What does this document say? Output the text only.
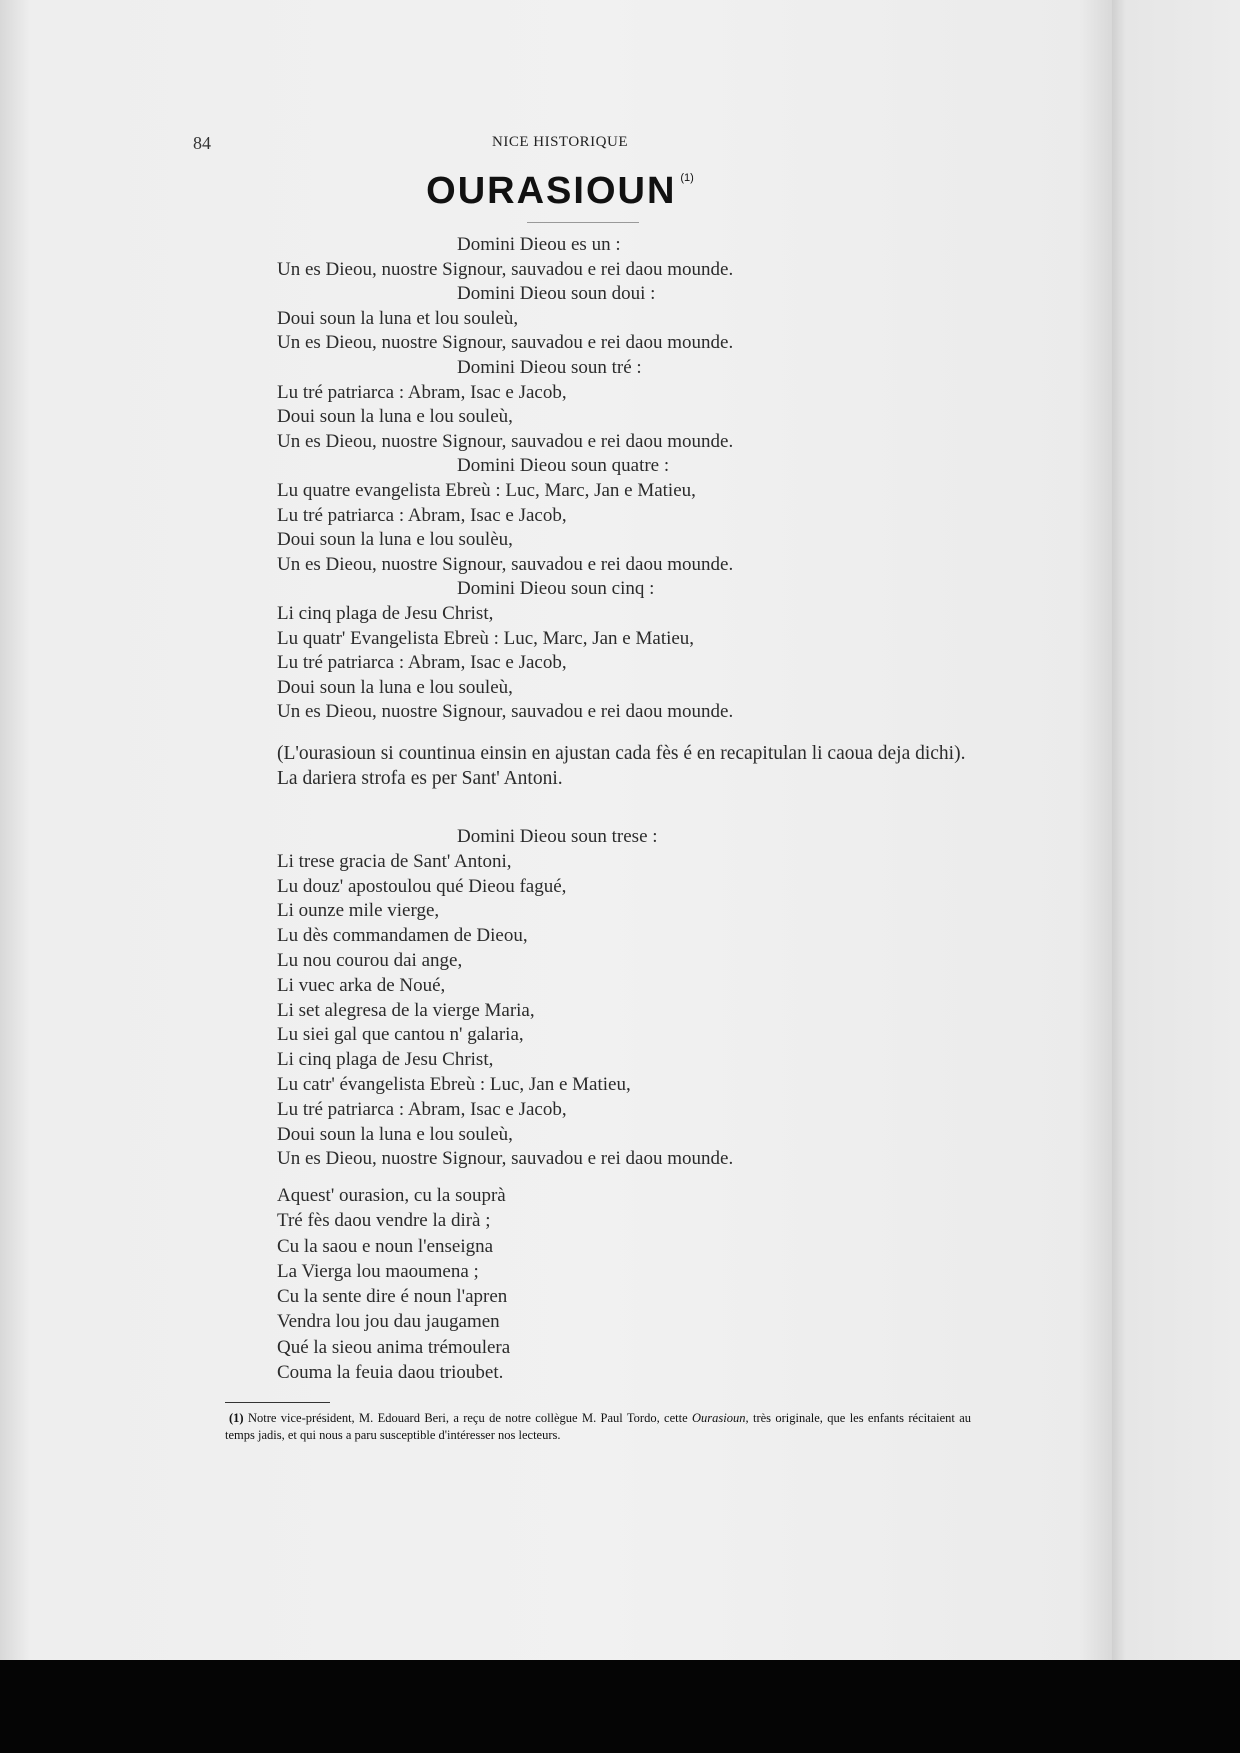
84	NICE HISTORIQUE
OURASIOUN $^{(1)}$
Domini Dieou es un :
Un es Dieou, nuostre Signour, sauvadou e rei daou mounde.
Domini Dieou soun doui :
Doui soun la luna et lou souleù,
Un es Dieou, nuostre Signour, sauvadou e rei daou mounde.
Domini Dieou soun tré :
Lu tré patriarca : Abram, Isac e Jacob,
Doui soun la luna e lou souleù,
Un es Dieou, nuostre Signour, sauvadou e rei daou mounde.
Domini Dieou soun quatre :
Lu quatre evangelista Ebreù : Luc, Marc, Jan e Matieu,
Lu tré patriarca : Abram, Isac e Jacob,
Doui soun la luna e lou soulèu,
Un es Dieou, nuostre Signour, sauvadou e rei daou mounde.
Domini Dieou soun cinq :
Li cinq plaga de Jesu Christ,
Lu quatr' Evangelista Ebreù : Luc, Marc, Jan e Matieu,
Lu tré patriarca : Abram, Isac e Jacob,
Doui soun la luna e lou souleù,
Un es Dieou, nuostre Signour, sauvadou e rei daou mounde.

(L'ourasioun si countinua einsin en ajustan cada fès é en recapitulan li caoua deja dichi).

La dariera strofa es per Sant' Antoni.

Domini Dieou soun trese :
Li trese gracia de Sant' Antoni,
Lu douz' apostoulou qué Dieou fagué,
Li ounze mile vierge,
Lu dès commandamen de Dieou,
Lu nou courou dai ange,
Li vuec arka de Noué,
Li set alegresa de la vierge Maria,
Lu siei gal que cantou n' galaria,
Li cinq plaga de Jesu Christ,
Lu catr' évangelista Ebreù : Luc, Jan e Matieu,
Lu tré patriarca : Abram, Isac e Jacob,
Doui soun la luna e lou souleù,
Un es Dieou, nuostre Signour, sauvadou e rei daou mounde.
Aquest' ourasion, cu la souprà
Tré fès daou vendre la dirà ;
Cu la saou e noun l'enseigna
La Vierga lou maoumena ;
Cu la sente dire é noun l'apren
Vendra lou jou dau jaugamen
Qué la sieou anima trémoulera
Couma la feuia daou trioubet.

(1) Notre vice-président, M. Edouard Beri, a reçu de notre collègue M. Paul Tordo, cette Ourasioun, très originale, que les enfants récitaient au temps jadis, et qui nous a paru susceptible d'intéresser nos lecteurs.
